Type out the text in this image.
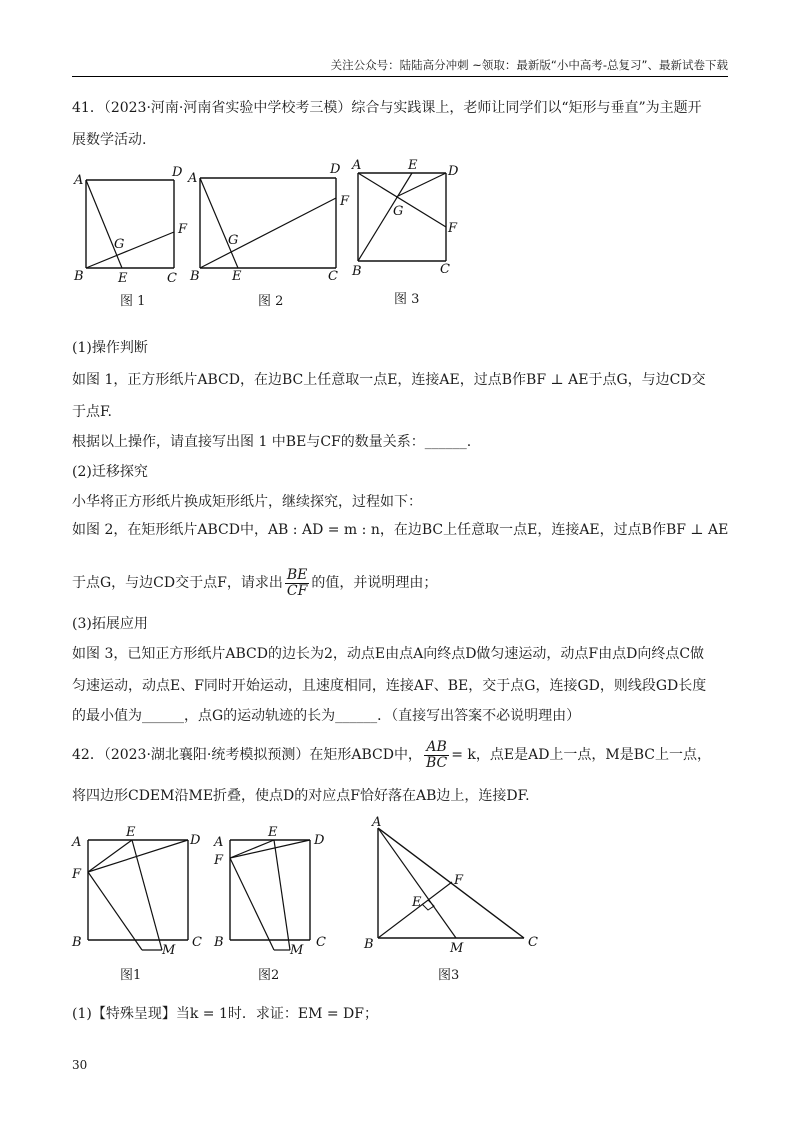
关注公众号：陆陆高分冲刺 ~领取：最新版“小中高考-总复习”、最新试卷下载
41．（2023·河南·河南省实验中学校考三模）综合与实践课上，老师让同学们以“矩形与垂直”为主题开
展数学活动.
A
B	C
D
E
F
G
图 1
A
B	C
D
E
F
G
图 2
A
B	C
D
E
F
G
图 3
(1)操作判断
如图 1，正方形纸片ABCD，在边BC上任意取一点E，连接AE，过点B作BF ⊥ AE于点G，与边CD交
于点F.
根据以上操作，请直接写出图 1 中BE与CF的数量关系：______.
(2)迁移探究
小华将正方形纸片换成矩形纸片，继续探究，过程如下：
如图 2，在矩形纸片ABCD中，AB : AD = m : n，在边BC上任意取一点E，连接AE，过点B作BF ⊥ AE
于点G，与边CD交于点F，请求出 $\frac{BE}{CF}$ 的值，并说明理由；
(3)拓展应用
如图 3，已知正方形纸片ABCD的边长为2，动点E由点A向终点D做匀速运动，动点F由点D向终点C做
匀速运动，动点E、F同时开始运动，且速度相同，连接AF、BE，交于点G，连接GD，则线段GD长度
的最小值为______，点G的运动轨迹的长为______．（直接写出答案不必说明理由）
42．（2023·湖北襄阳·统考模拟预测）在矩形ABCD中， $\frac{AB}{BC} = k$，点E是AD上一点，M是BC上一点，
将四边形CDEM沿ME折叠，使点D的对应点F恰好落在AB边上，连接DF.
A
B	C
D
E
F
M
图1
A
B	C
D
E
F
M
图2
A
B	C
E
F
M
图3
(1)【特殊呈现】当k = 1时．求证：EM = DF；
30
